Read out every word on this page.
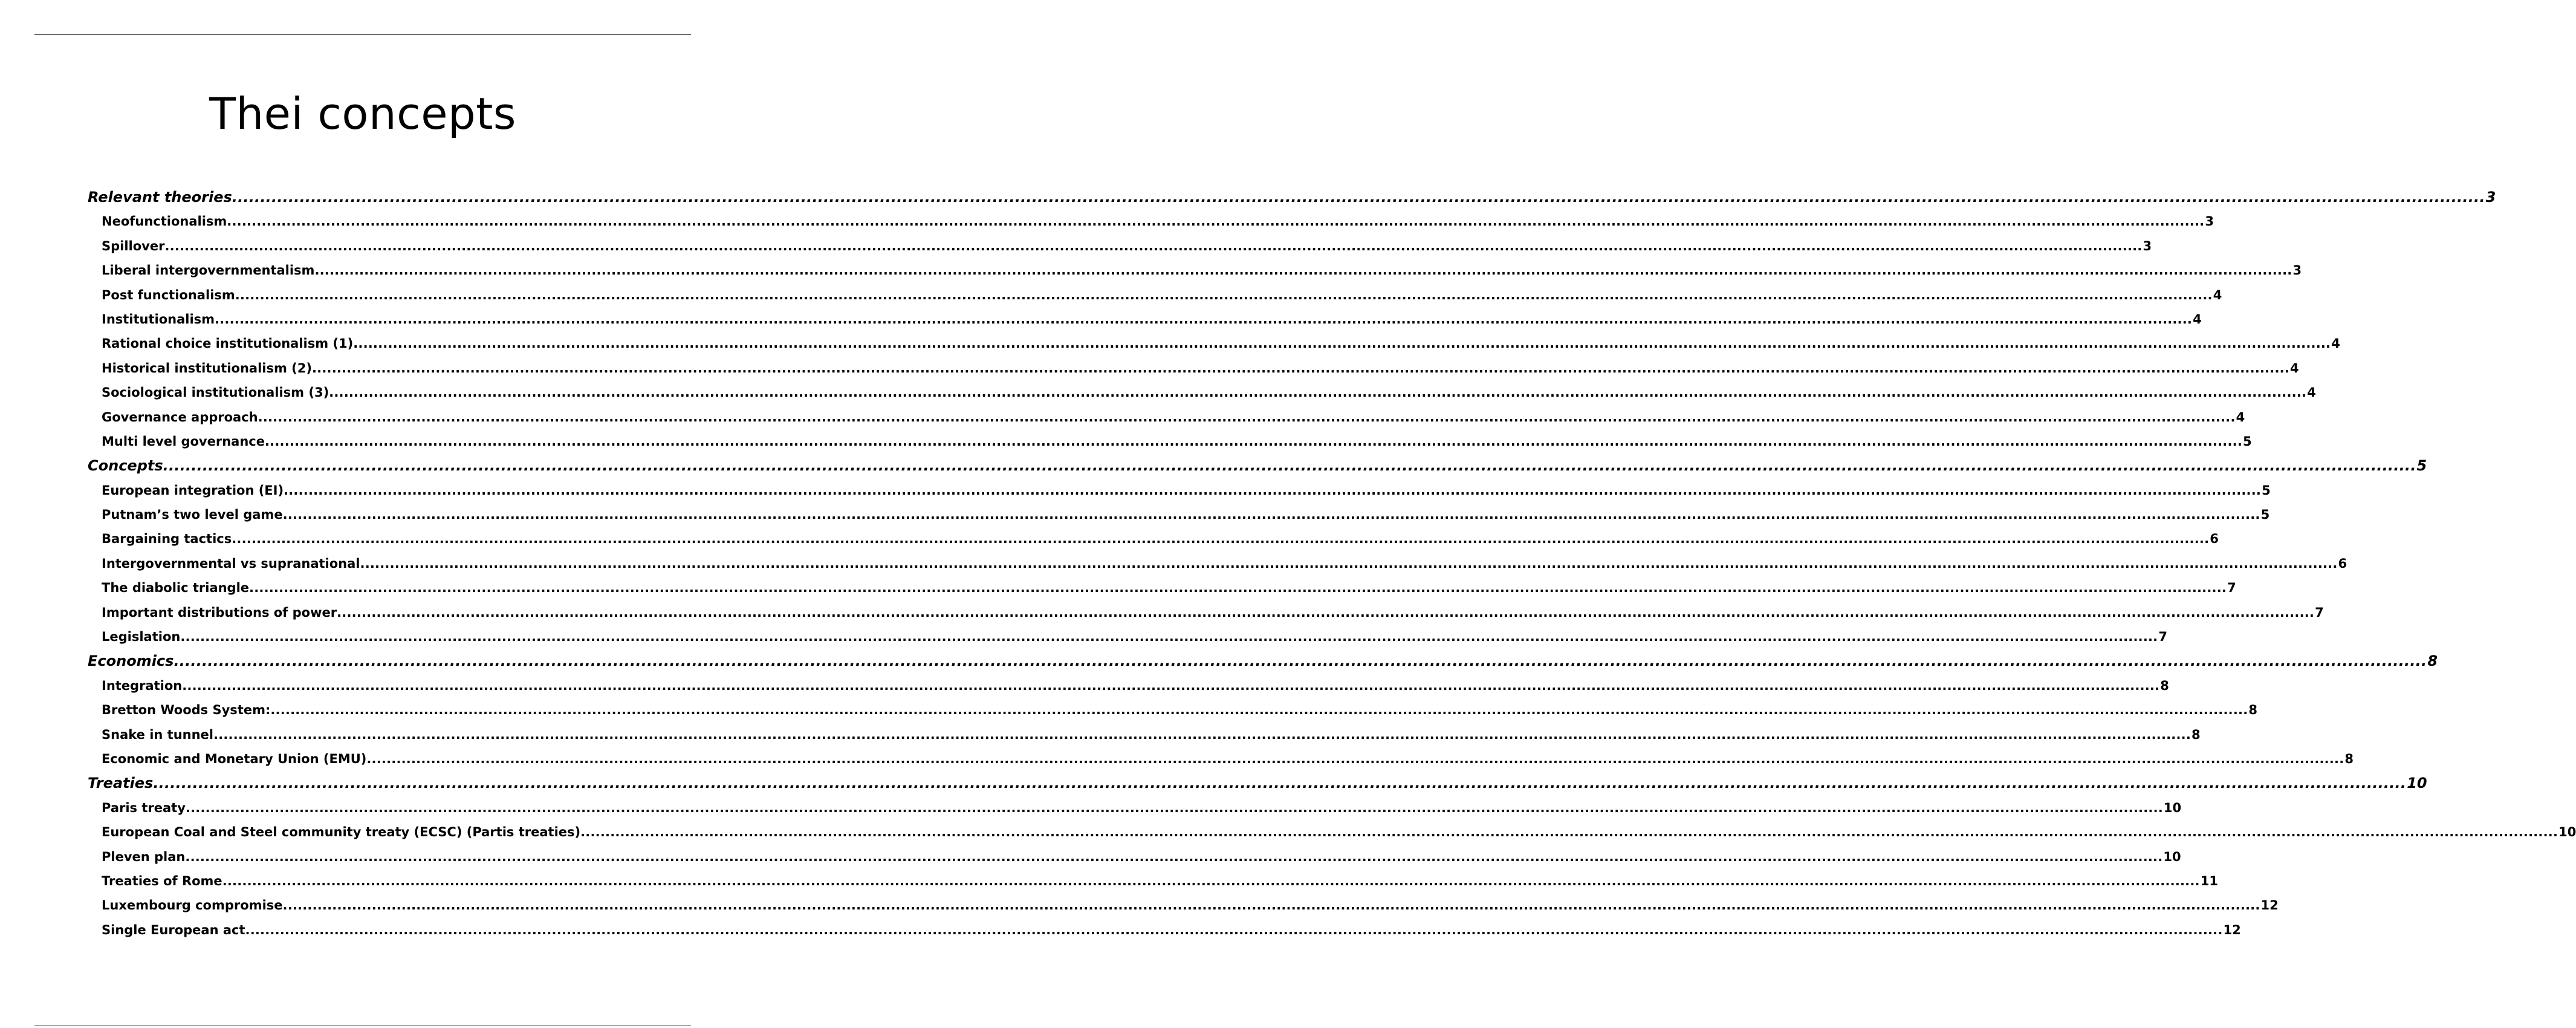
Thei concepts
Relevant theories ................................................................................................................................................................................................................................................................................................................................................................................................................ 3
Neofunctionalism ................................................................................................................................................................................................................................................................................................................................................................................................................ 3
Spillover ................................................................................................................................................................................................................................................................................................................................................................................................................ 3
Liberal intergovernmentalism ................................................................................................................................................................................................................................................................................................................................................................................................................ 3
Post functionalism ................................................................................................................................................................................................................................................................................................................................................................................................................ 4
Institutionalism ................................................................................................................................................................................................................................................................................................................................................................................................................ 4
Rational choice institutionalism (1) ................................................................................................................................................................................................................................................................................................................................................................................................................ 4
Historical institutionalism (2) ................................................................................................................................................................................................................................................................................................................................................................................................................ 4
Sociological institutionalism (3) ................................................................................................................................................................................................................................................................................................................................................................................................................ 4
Governance approach ................................................................................................................................................................................................................................................................................................................................................................................................................ 4
Multi level governance ................................................................................................................................................................................................................................................................................................................................................................................................................ 5
Concepts ................................................................................................................................................................................................................................................................................................................................................................................................................ 5
European integration (EI) ................................................................................................................................................................................................................................................................................................................................................................................................................ 5
Putnam’s two level game ................................................................................................................................................................................................................................................................................................................................................................................................................ 5
Bargaining tactics ................................................................................................................................................................................................................................................................................................................................................................................................................ 6
Intergovernmental vs supranational ................................................................................................................................................................................................................................................................................................................................................................................................................ 6
The diabolic triangle ................................................................................................................................................................................................................................................................................................................................................................................................................ 7
Important distributions of power ................................................................................................................................................................................................................................................................................................................................................................................................................ 7
Legislation ................................................................................................................................................................................................................................................................................................................................................................................................................ 7
Economics ................................................................................................................................................................................................................................................................................................................................................................................................................ 8
Integration ................................................................................................................................................................................................................................................................................................................................................................................................................ 8
Bretton Woods System: ................................................................................................................................................................................................................................................................................................................................................................................................................ 8
Snake in tunnel ................................................................................................................................................................................................................................................................................................................................................................................................................ 8
Economic and Monetary Union (EMU) ................................................................................................................................................................................................................................................................................................................................................................................................................ 8
Treaties ................................................................................................................................................................................................................................................................................................................................................................................................................ 10
Paris treaty ................................................................................................................................................................................................................................................................................................................................................................................................................ 10
European Coal and Steel community treaty (ECSC) (Partis treaties) ................................................................................................................................................................................................................................................................................................................................................................................................................ 10
Pleven plan ................................................................................................................................................................................................................................................................................................................................................................................................................ 10
Treaties of Rome ................................................................................................................................................................................................................................................................................................................................................................................................................ 11
Luxembourg compromise ................................................................................................................................................................................................................................................................................................................................................................................................................ 12
Single European act ................................................................................................................................................................................................................................................................................................................................................................................................................ 12
